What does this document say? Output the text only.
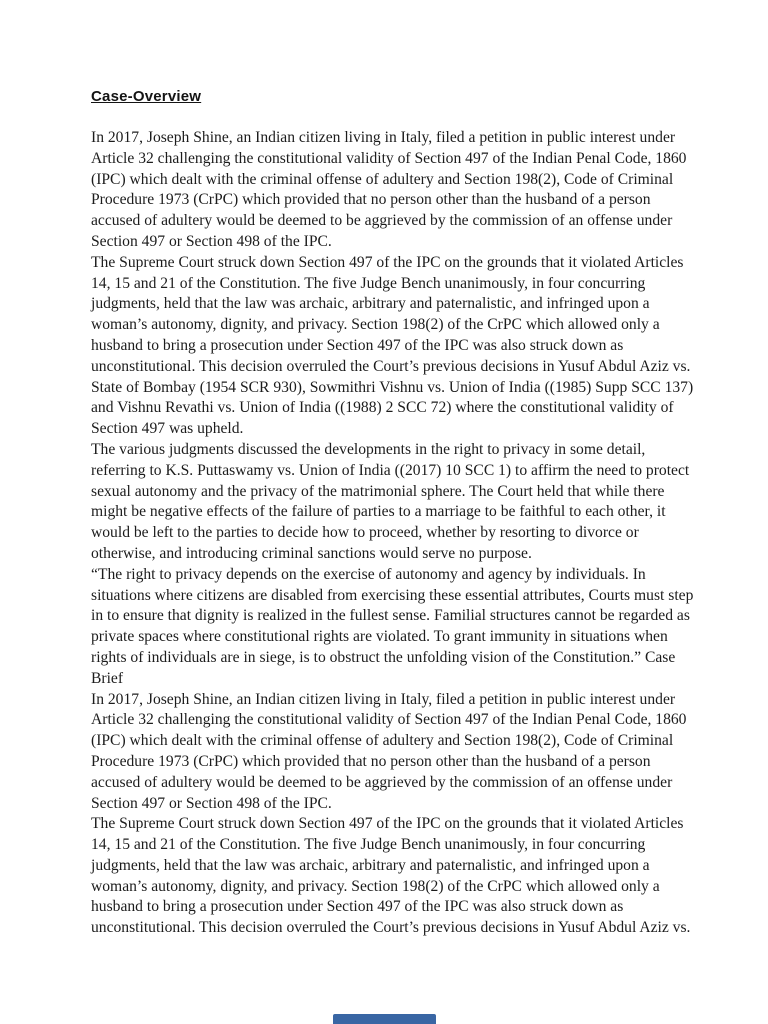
Case-Overview
In 2017, Joseph Shine, an Indian citizen living in Italy, filed a petition in public interest under
Article 32 challenging the constitutional validity of Section 497 of the Indian Penal Code, 1860
(IPC) which dealt with the criminal offense of adultery and Section 198(2), Code of Criminal
Procedure 1973 (CrPC) which provided that no person other than the husband of a person
accused of adultery would be deemed to be aggrieved by the commission of an offense under
Section 497 or Section 498 of the IPC.
The Supreme Court struck down Section 497 of the IPC on the grounds that it violated Articles
14, 15 and 21 of the Constitution. The five Judge Bench unanimously, in four concurring
judgments, held that the law was archaic, arbitrary and paternalistic, and infringed upon a
woman’s autonomy, dignity, and privacy. Section 198(2) of the CrPC which allowed only a
husband to bring a prosecution under Section 497 of the IPC was also struck down as
unconstitutional. This decision overruled the Court’s previous decisions in Yusuf Abdul Aziz vs.
State of Bombay (1954 SCR 930), Sowmithri Vishnu vs. Union of India ((1985) Supp SCC 137)
and Vishnu Revathi vs. Union of India ((1988) 2 SCC 72) where the constitutional validity of
Section 497 was upheld.
The various judgments discussed the developments in the right to privacy in some detail,
referring to K.S. Puttaswamy vs. Union of India ((2017) 10 SCC 1) to affirm the need to protect
sexual autonomy and the privacy of the matrimonial sphere. The Court held that while there
might be negative effects of the failure of parties to a marriage to be faithful to each other, it
would be left to the parties to decide how to proceed, whether by resorting to divorce or
otherwise, and introducing criminal sanctions would serve no purpose.
“The right to privacy depends on the exercise of autonomy and agency by individuals. In
situations where citizens are disabled from exercising these essential attributes, Courts must step
in to ensure that dignity is realized in the fullest sense. Familial structures cannot be regarded as
private spaces where constitutional rights are violated. To grant immunity in situations when
rights of individuals are in siege, is to obstruct the unfolding vision of the Constitution.” Case
Brief
In 2017, Joseph Shine, an Indian citizen living in Italy, filed a petition in public interest under
Article 32 challenging the constitutional validity of Section 497 of the Indian Penal Code, 1860
(IPC) which dealt with the criminal offense of adultery and Section 198(2), Code of Criminal
Procedure 1973 (CrPC) which provided that no person other than the husband of a person
accused of adultery would be deemed to be aggrieved by the commission of an offense under
Section 497 or Section 498 of the IPC.
The Supreme Court struck down Section 497 of the IPC on the grounds that it violated Articles
14, 15 and 21 of the Constitution. The five Judge Bench unanimously, in four concurring
judgments, held that the law was archaic, arbitrary and paternalistic, and infringed upon a
woman’s autonomy, dignity, and privacy. Section 198(2) of the CrPC which allowed only a
husband to bring a prosecution under Section 497 of the IPC was also struck down as
unconstitutional. This decision overruled the Court’s previous decisions in Yusuf Abdul Aziz vs.
